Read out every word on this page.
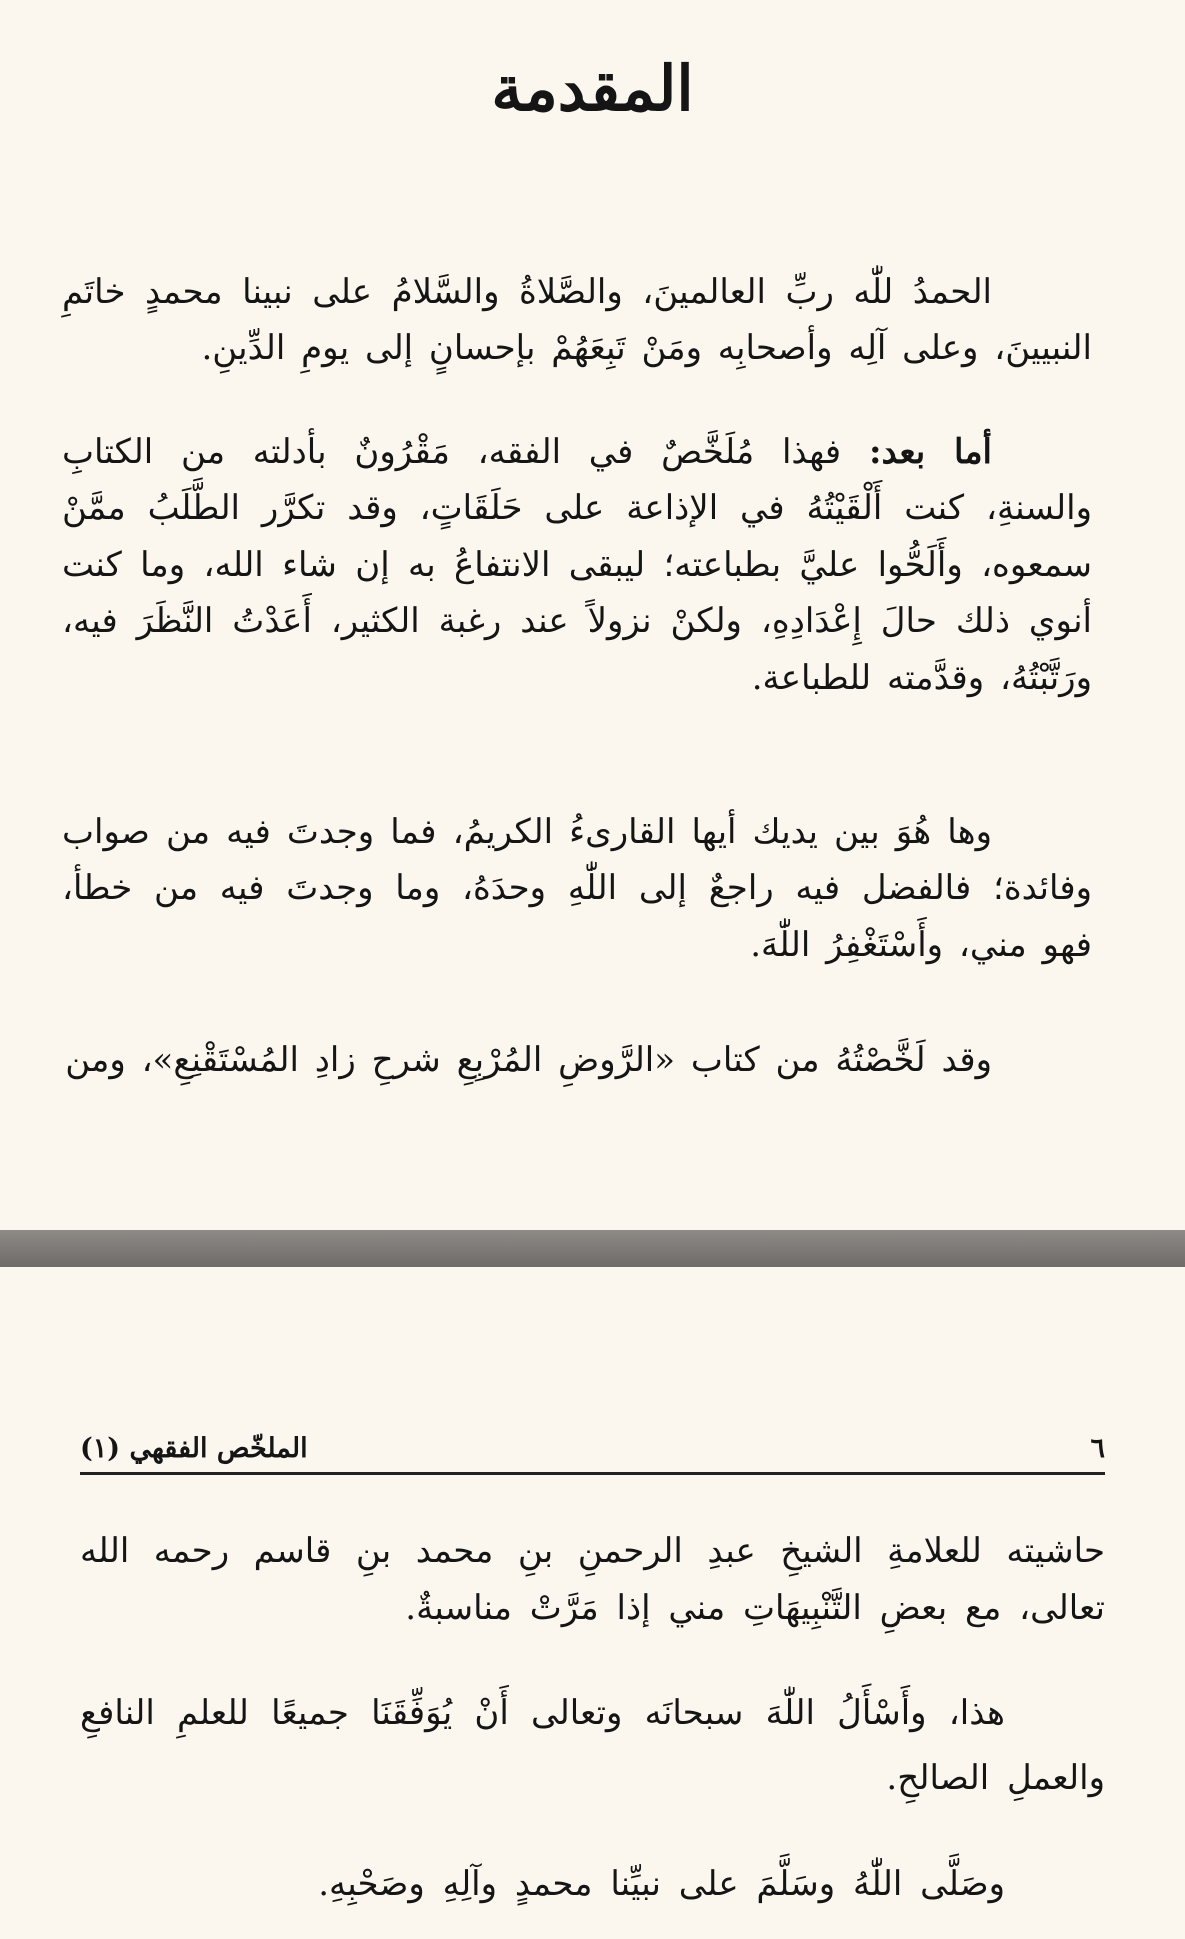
المقدمة

الحمدُ للّٰه ربِّ العالمينَ، والصَّلاةُ والسَّلامُ على نبينا محمدٍ خاتَمِ النبيينَ، وعلى آلِه وأصحابِه ومَنْ تَبِعَهُمْ بإحسانٍ إلى يومِ الدِّينِ.

أما بعد: فهذا مُلَخَّصٌ في الفقه، مَقْرُونٌ بأدلته من الكتابِ والسنةِ، كنت أَلْقَيْتُهُ في الإذاعة على حَلَقَاتٍ، وقد تكرَّر الطَّلَبُ ممَّنْ سمعوه، وأَلَحُّوا عليَّ بطباعته؛ ليبقى الانتفاعُ به إن شاء الله، وما كنت أنوي ذلك حالَ إِعْدَادِهِ، ولكنْ نزولاً عند رغبة الكثير، أَعَدْتُ النَّظَرَ فيه، ورَتَّبْتُهُ، وقدَّمته للطباعة.

وها هُوَ بين يديك أيها القارىءُ الكريمُ، فما وجدتَ فيه من صواب وفائدة؛ فالفضل فيه راجعٌ إلى اللّٰهِ وحدَهُ، وما وجدتَ فيه من خطأ، فهو مني، وأَسْتَغْفِرُ اللّٰهَ.

وقد لَخَّصْتُهُ من كتاب «الرَّوضِ المُرْبِعِ شرحِ زادِ المُسْتَقْنِعِ»، ومن

٦
الملخّص الفقهي (١)

حاشيته للعلامةِ الشيخِ عبدِ الرحمنِ بنِ محمد بنِ قاسم رحمه الله تعالى، مع بعضِ التَّنْبِيهَاتِ مني إذا مَرَّتْ مناسبةٌ.

هذا، وأَسْأَلُ اللّٰهَ سبحانَه وتعالى أَنْ يُوَفِّقَنَا جميعًا للعلمِ النافعِ والعملِ الصالحِ.

وصَلَّى اللّٰهُ وسَلَّمَ على نبيِّنا محمدٍ وآلِهِ وصَحْبِهِ.
